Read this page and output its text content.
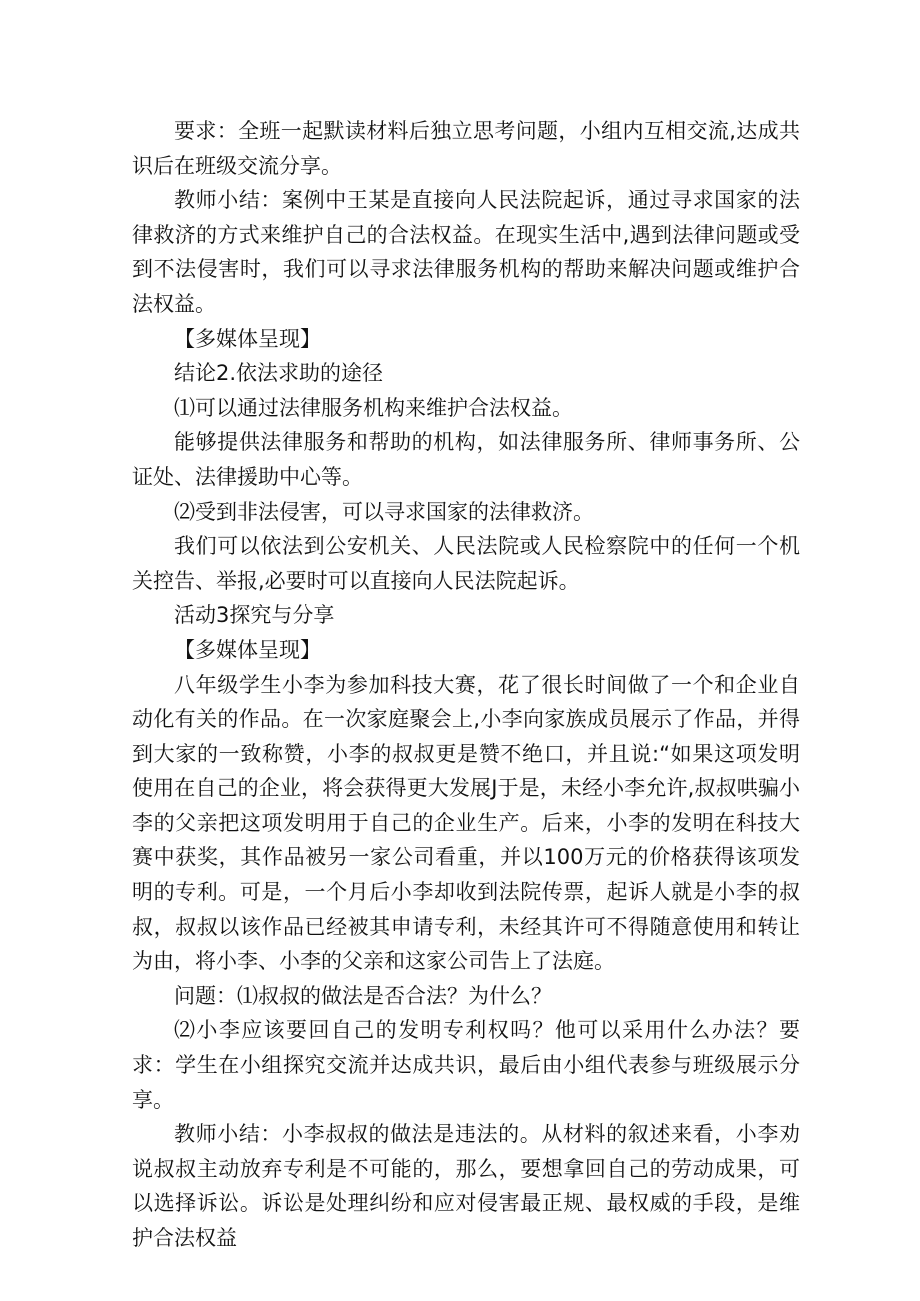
要求：全班一起默读材料后独立思考问题，小组内互相交流,达成共识后在班级交流分享。

教师小结：案例中王某是直接向人民法院起诉，通过寻求国家的法律救济的方式来维护自己的合法权益。在现实生活中,遇到法律问题或受到不法侵害时，我们可以寻求法律服务机构的帮助来解决问题或维护合法权益。

【多媒体呈现】

结论2.依法求助的途径

⑴可以通过法律服务机构来维护合法权益。

能够提供法律服务和帮助的机构，如法律服务所、律师事务所、公证处、法律援助中心等。

⑵受到非法侵害，可以寻求国家的法律救济。

我们可以依法到公安机关、人民法院或人民检察院中的任何一个机关控告、举报,必要时可以直接向人民法院起诉。

活动3探究与分享

【多媒体呈现】

八年级学生小李为参加科技大赛，花了很长时间做了一个和企业自动化有关的作品。在一次家庭聚会上,小李向家族成员展示了作品，并得到大家的一致称赞，小李的叔叔更是赞不绝口，并且说:“如果这项发明使用在自己的企业，将会获得更大发展J于是，未经小李允许,叔叔哄骗小李的父亲把这项发明用于自己的企业生产。后来，小李的发明在科技大赛中获奖，其作品被另一家公司看重，并以100万元的价格获得该项发明的专利。可是，一个月后小李却收到法院传票，起诉人就是小李的叔叔，叔叔以该作品已经被其申请专利，未经其许可不得随意使用和转让为由，将小李、小李的父亲和这家公司告上了法庭。

问题：⑴叔叔的做法是否合法？为什么？

⑵小李应该要回自己的发明专利权吗？他可以采用什么办法？要求：学生在小组探究交流并达成共识，最后由小组代表参与班级展示分享。

教师小结：小李叔叔的做法是违法的。从材料的叙述来看，小李劝说叔叔主动放弃专利是不可能的，那么，要想拿回自己的劳动成果，可以选择诉讼。诉讼是处理纠纷和应对侵害最正规、最权威的手段，是维护合法权益
